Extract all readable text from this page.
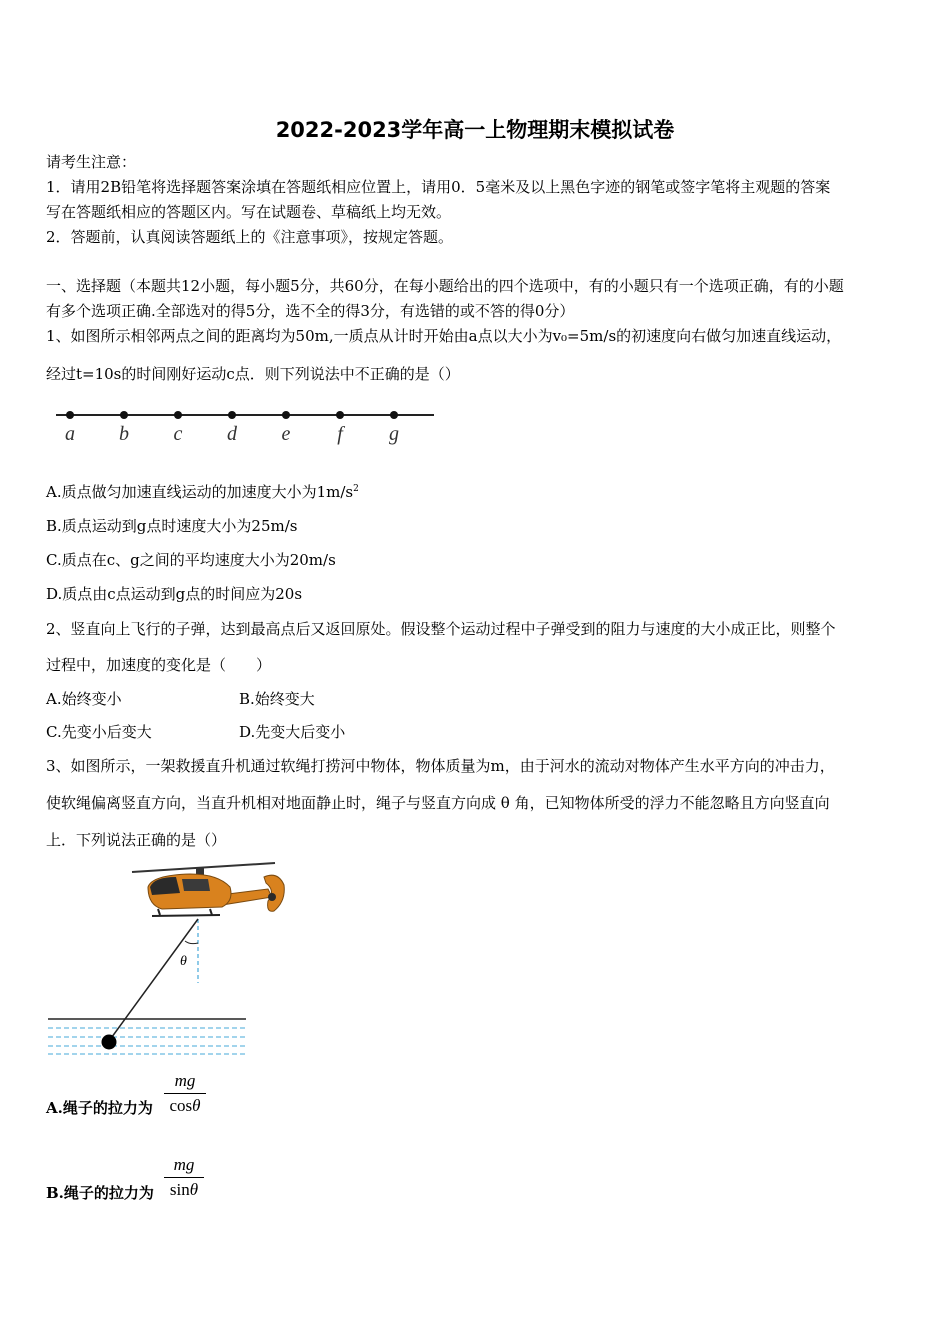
2022-2023学年高一上物理期末模拟试卷
请考生注意：
1．请用2B铅笔将选择题答案涂填在答题纸相应位置上，请用0．5毫米及以上黑色字迹的钢笔或签字笔将主观题的答案
写在答题纸相应的答题区内。写在试题卷、草稿纸上均无效。
2．答题前，认真阅读答题纸上的《注意事项》，按规定答题。
一、选择题（本题共12小题，每小题5分，共60分，在每小题给出的四个选项中，有的小题只有一个选项正确，有的小题
有多个选项正确.全部选对的得5分，选不全的得3分，有选错的或不答的得0分）
1、如图所示相邻两点之间的距离均为50m,一质点从计时开始由a点以大小为v₀=5m/s的初速度向右做匀加速直线运动，
经过t=10s的时间刚好运动c点．则下列说法中不正确的是（）
a b c d e f g
A.质点做匀加速直线运动的加速度大小为$1m/s^2$
B.质点运动到g点时速度大小为25m/s
C.质点在c、g之间的平均速度大小为20m/s
D.质点由c点运动到g点的时间应为20s
2、竖直向上飞行的子弹，达到最高点后又返回原处。假设整个运动过程中子弹受到的阻力与速度的大小成正比，则整个
过程中，加速度的变化是（　　）
A.始终变小	B.始终变大
C.先变小后变大	D.先变大后变小
3、如图所示，一架救援直升机通过软绳打捞河中物体，物体质量为m，由于河水的流动对物体产生水平方向的冲击力，
使软绳偏离竖直方向，当直升机相对地面静止时，绳子与竖直方向成 θ 角，已知物体所受的浮力不能忽略且方向竖直向
上．下列说法正确的是（）
θ
A.绳子的拉力为
mg
cosθ
B.绳子的拉力为
mg
sinθ
